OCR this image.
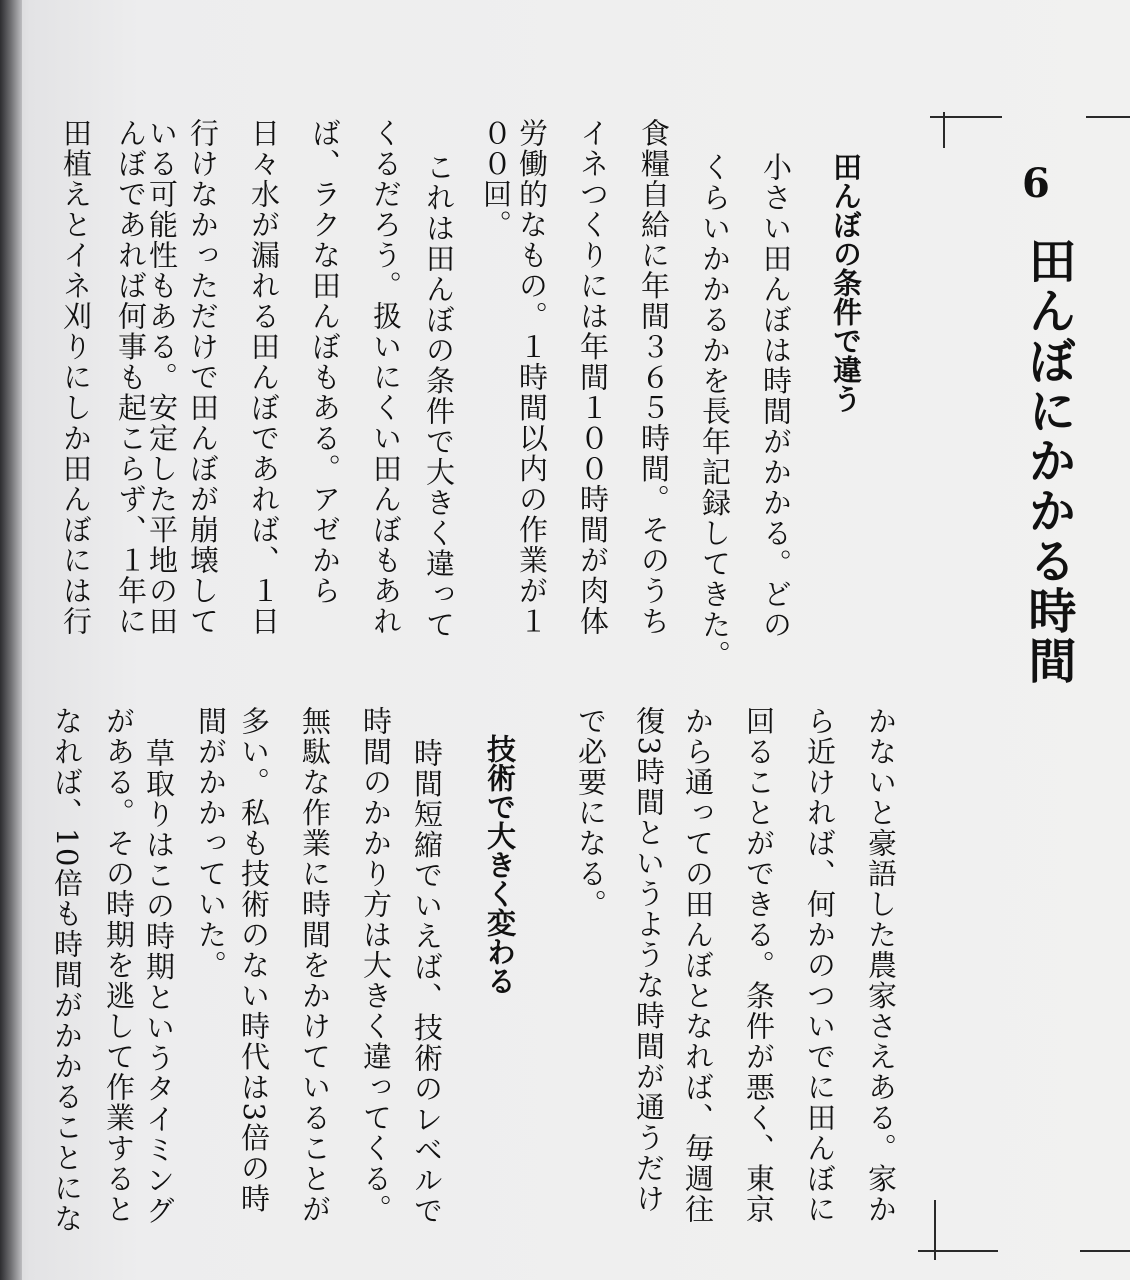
6
田んぼにかかる時間
田んぼの条件で違う
小さい田んぼは時間がかかる。どの
くらいかかるかを長年記録してきた。
食糧自給に年間３６５時間。そのうち
イネつくりには年間１００時間が肉体
労働的なもの。１時間以内の作業が１
００回。
これは田んぼの条件で大きく違って
くるだろう。扱いにくい田んぼもあれ
ば、ラクな田んぼもある。アゼから
日々水が漏れる田んぼであれば、１日
行けなかっただけで田んぼが崩壊して
いる可能性もある。安定した平地の田
んぼであれば何事も起こらず、１年に
田植えとイネ刈りにしか田んぼには行
かないと豪語した農家さえある。家か
ら近ければ、何かのついでに田んぼに
回ることができる。条件が悪く、東京
から通っての田んぼとなれば、毎週往
復3時間というような時間が通うだけ
で必要になる。
技術で大きく変わる
時間短縮でいえば、技術のレベルで
時間のかかり方は大きく違ってくる。
無駄な作業に時間をかけていることが
多い。私も技術のない時代は3倍の時
間がかかっていた。
草取りはこの時期というタイミング
がある。その時期を逃して作業すると
なれば、10倍も時間がかかることにな
